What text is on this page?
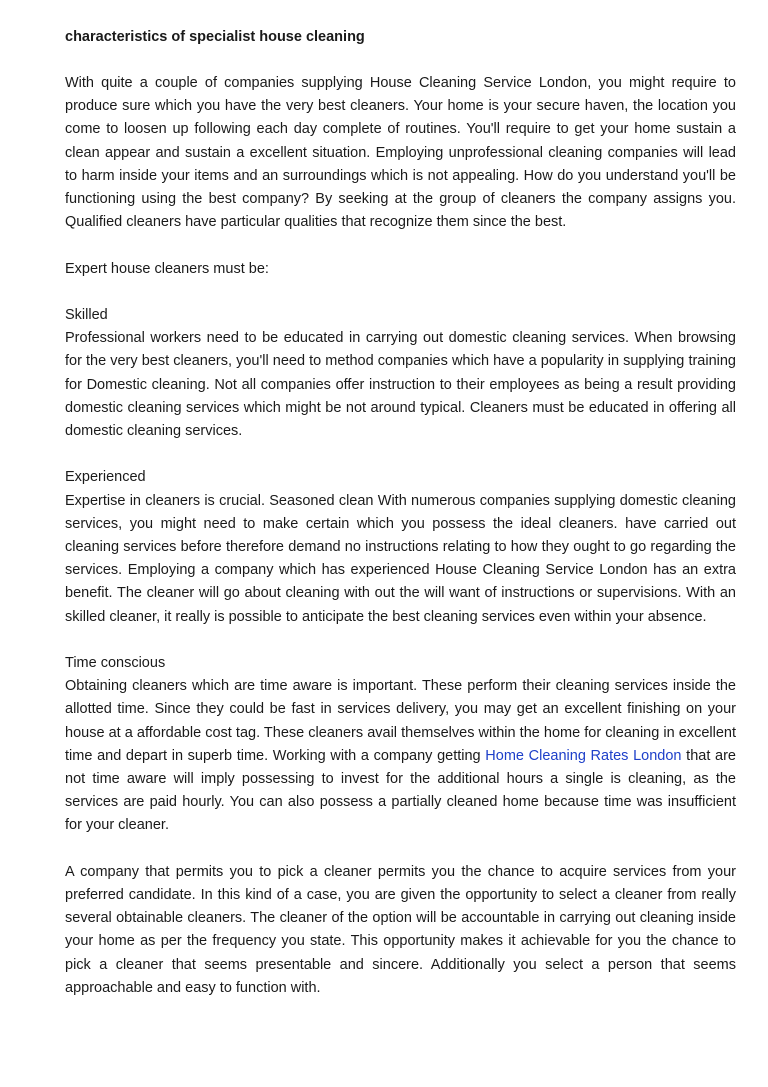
characteristics of specialist house cleaning

With quite a couple of companies supplying House Cleaning Service London, you might require to produce sure which you have the very best cleaners. Your home is your secure haven, the location you come to loosen up following each day complete of routines. You'll require to get your home sustain a clean appear and sustain a excellent situation. Employing unprofessional cleaning companies will lead to harm inside your items and an surroundings which is not appealing. How do you understand you'll be functioning using the best company? By seeking at the group of cleaners the company assigns you. Qualified cleaners have particular qualities that recognize them since the best.

Expert house cleaners must be:

Skilled
Professional workers need to be educated in carrying out domestic cleaning services. When browsing for the very best cleaners, you'll need to method companies which have a popularity in supplying training for Domestic cleaning. Not all companies offer instruction to their employees as being a result providing domestic cleaning services which might be not around typical. Cleaners must be educated in offering all domestic cleaning services.

Experienced
Expertise in cleaners is crucial. Seasoned clean With numerous companies supplying domestic cleaning services, you might need to make certain which you possess the ideal cleaners. have carried out cleaning services before therefore demand no instructions relating to how they ought to go regarding the services. Employing a company which has experienced House Cleaning Service London has an extra benefit. The cleaner will go about cleaning with out the will want of instructions or supervisions. With an skilled cleaner, it really is possible to anticipate the best cleaning services even within your absence.

Time conscious
Obtaining cleaners which are time aware is important. These perform their cleaning services inside the allotted time. Since they could be fast in services delivery, you may get an excellent finishing on your house at a affordable cost tag. These cleaners avail themselves within the home for cleaning in excellent time and depart in superb time. Working with a company getting Home Cleaning Rates London that are not time aware will imply possessing to invest for the additional hours a single is cleaning, as the services are paid hourly. You can also possess a partially cleaned home because time was insufficient for your cleaner.

A company that permits you to pick a cleaner permits you the chance to acquire services from your preferred candidate. In this kind of a case, you are given the opportunity to select a cleaner from really several obtainable cleaners. The cleaner of the option will be accountable in carrying out cleaning inside your home as per the frequency you state. This opportunity makes it achievable for you the chance to pick a cleaner that seems presentable and sincere. Additionally you select a person that seems approachable and easy to function with.
